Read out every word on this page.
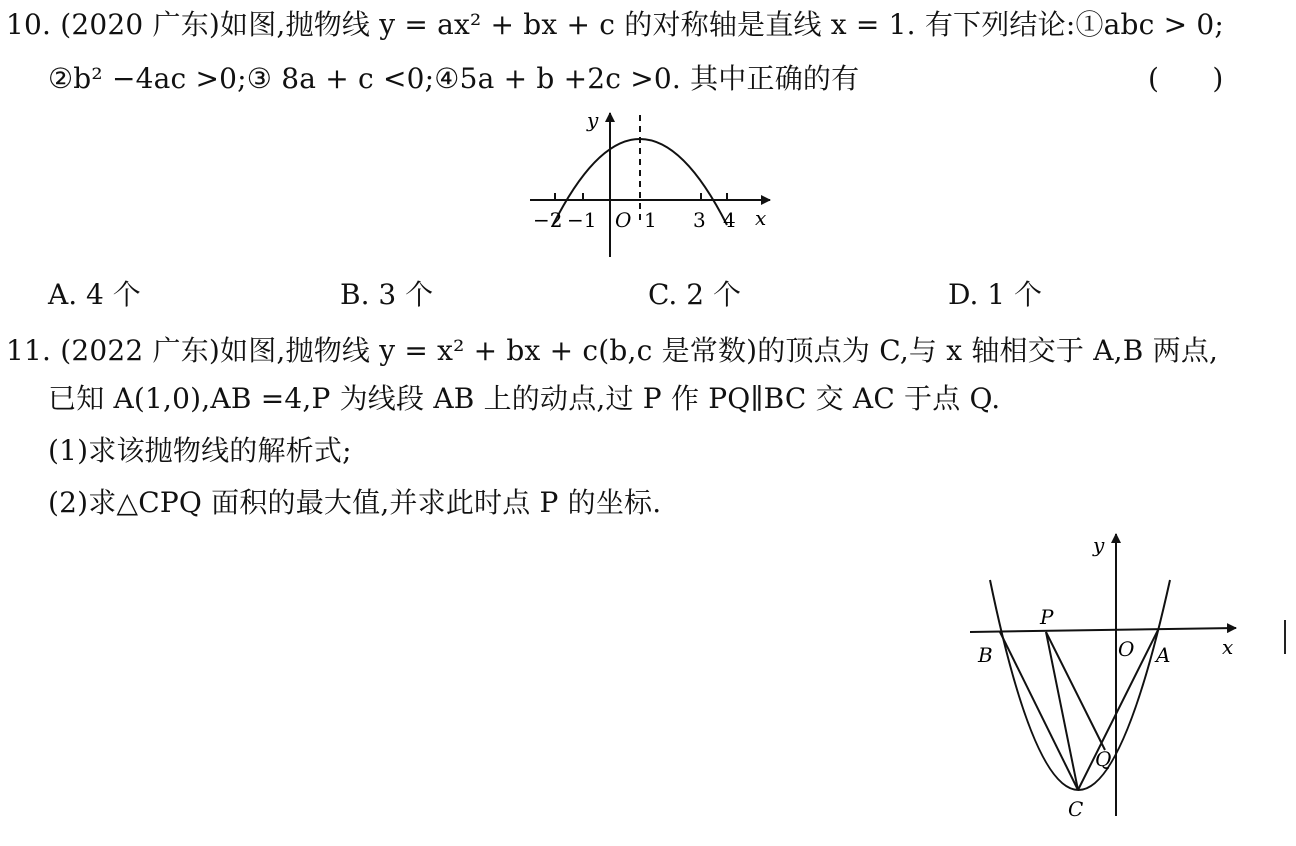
10. (2020 广东)如图,抛物线 y = ax² + bx + c 的对称轴是直线 x = 1. 有下列结论:①abc > 0;
②b² −4ac >0;③ 8a + c <0;④5a + b +2c >0. 其中正确的有	(      )
y
x
−2 −1 O 1 3 4
A. 4 个	B. 3 个	C. 2 个	D. 1 个
11. (2022 广东)如图,抛物线 y = x² + bx + c(b,c 是常数)的顶点为 C,与 x 轴相交于 A,B 两点,
已知 A(1,0),AB =4,P 为线段 AB 上的动点,过 P 作 PQ∥BC 交 AC 于点 Q.
(1)求该抛物线的解析式;
(2)求△CPQ 面积的最大值,并求此时点 P 的坐标.
y
x
P
B	O A
Q
C
